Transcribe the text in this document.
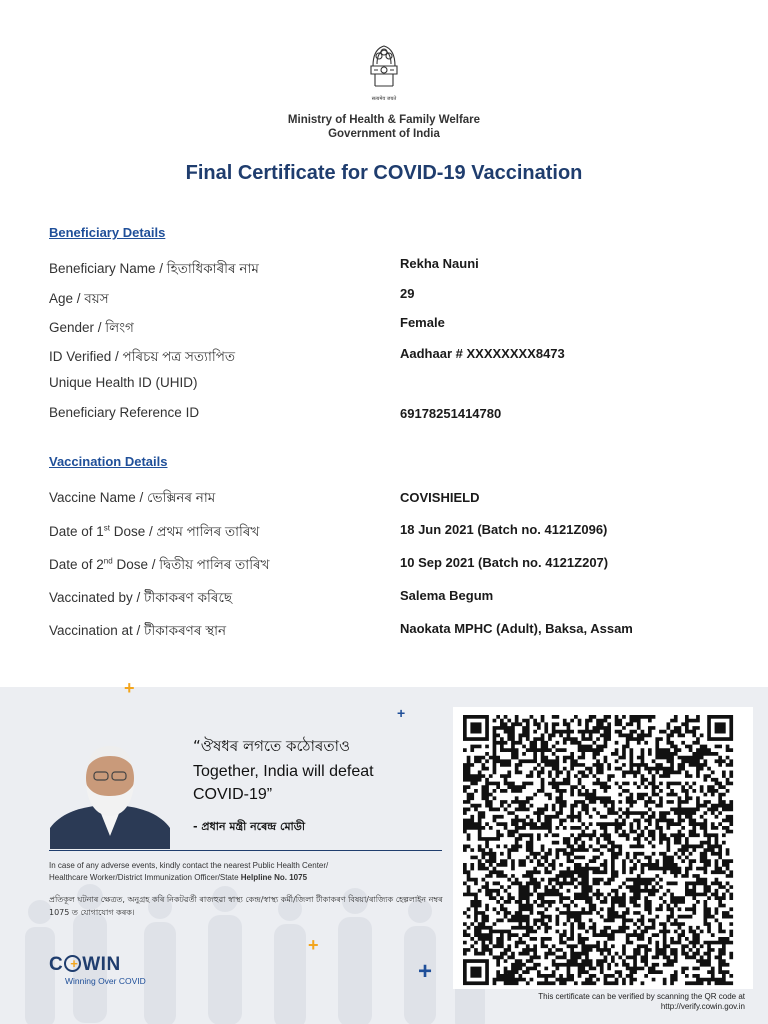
सत्यमेव जयते
Ministry of Health & Family Welfare
Government of India
Final Certificate for COVID-19 Vaccination
Beneficiary Details
Beneficiary Name / হিতাধিকাৰীৰ নাম	Rekha Nauni
Age / বয়স	29
Gender / লিংগ	Female
ID Verified / পৰিচয় পত্ৰ সত্যাপিত	Aadhaar # XXXXXXXX8473
Unique Health ID (UHID)
Beneficiary Reference ID	69178251414780
Vaccination Details
Vaccine Name / ভেক্সিনৰ নাম	COVISHIELD
Date of 1st Dose / প্ৰথম পালিৰ তাৰিখ	18 Jun 2021 (Batch no. 4121Z096)
Date of 2nd Dose / দ্বিতীয় পালিৰ তাৰিখ	10 Sep 2021 (Batch no. 4121Z207)
Vaccinated by / টীকাকৰণ কৰিছে	Salema Begum
Vaccination at / টীকাকৰণৰ স্থান	Naokata MPHC (Adult), Baksa, Assam
+
+
+
+
“ঔষধৰ লগতে কঠোৰতাও
Together, India will defeat
COVID-19”
- প্ৰধান মন্ত্ৰী নৰেন্দ্ৰ মোডী
In case of any adverse events, kindly contact the nearest Public Health Center/
Healthcare Worker/District Immunization Officer/State Helpline No. 1075
প্ৰতিকূল ঘটনাৰ ক্ষেত্ৰত, অনুগ্ৰহ কৰি নিকটৱৰ্তী ৰাজহুৱা স্বাস্থ্য কেন্দ্ৰ/স্বাস্থ্য কৰ্মী/জিলা টীকাকৰণ বিষয়া/ৰাজ্যিক হেল্পলাইন নম্বৰ 1075 ত যোগাযোগ কৰক।
C + WIN
Winning Over COVID
This certificate can be verified by scanning the QR code at
http://verify.cowin.gov.in
